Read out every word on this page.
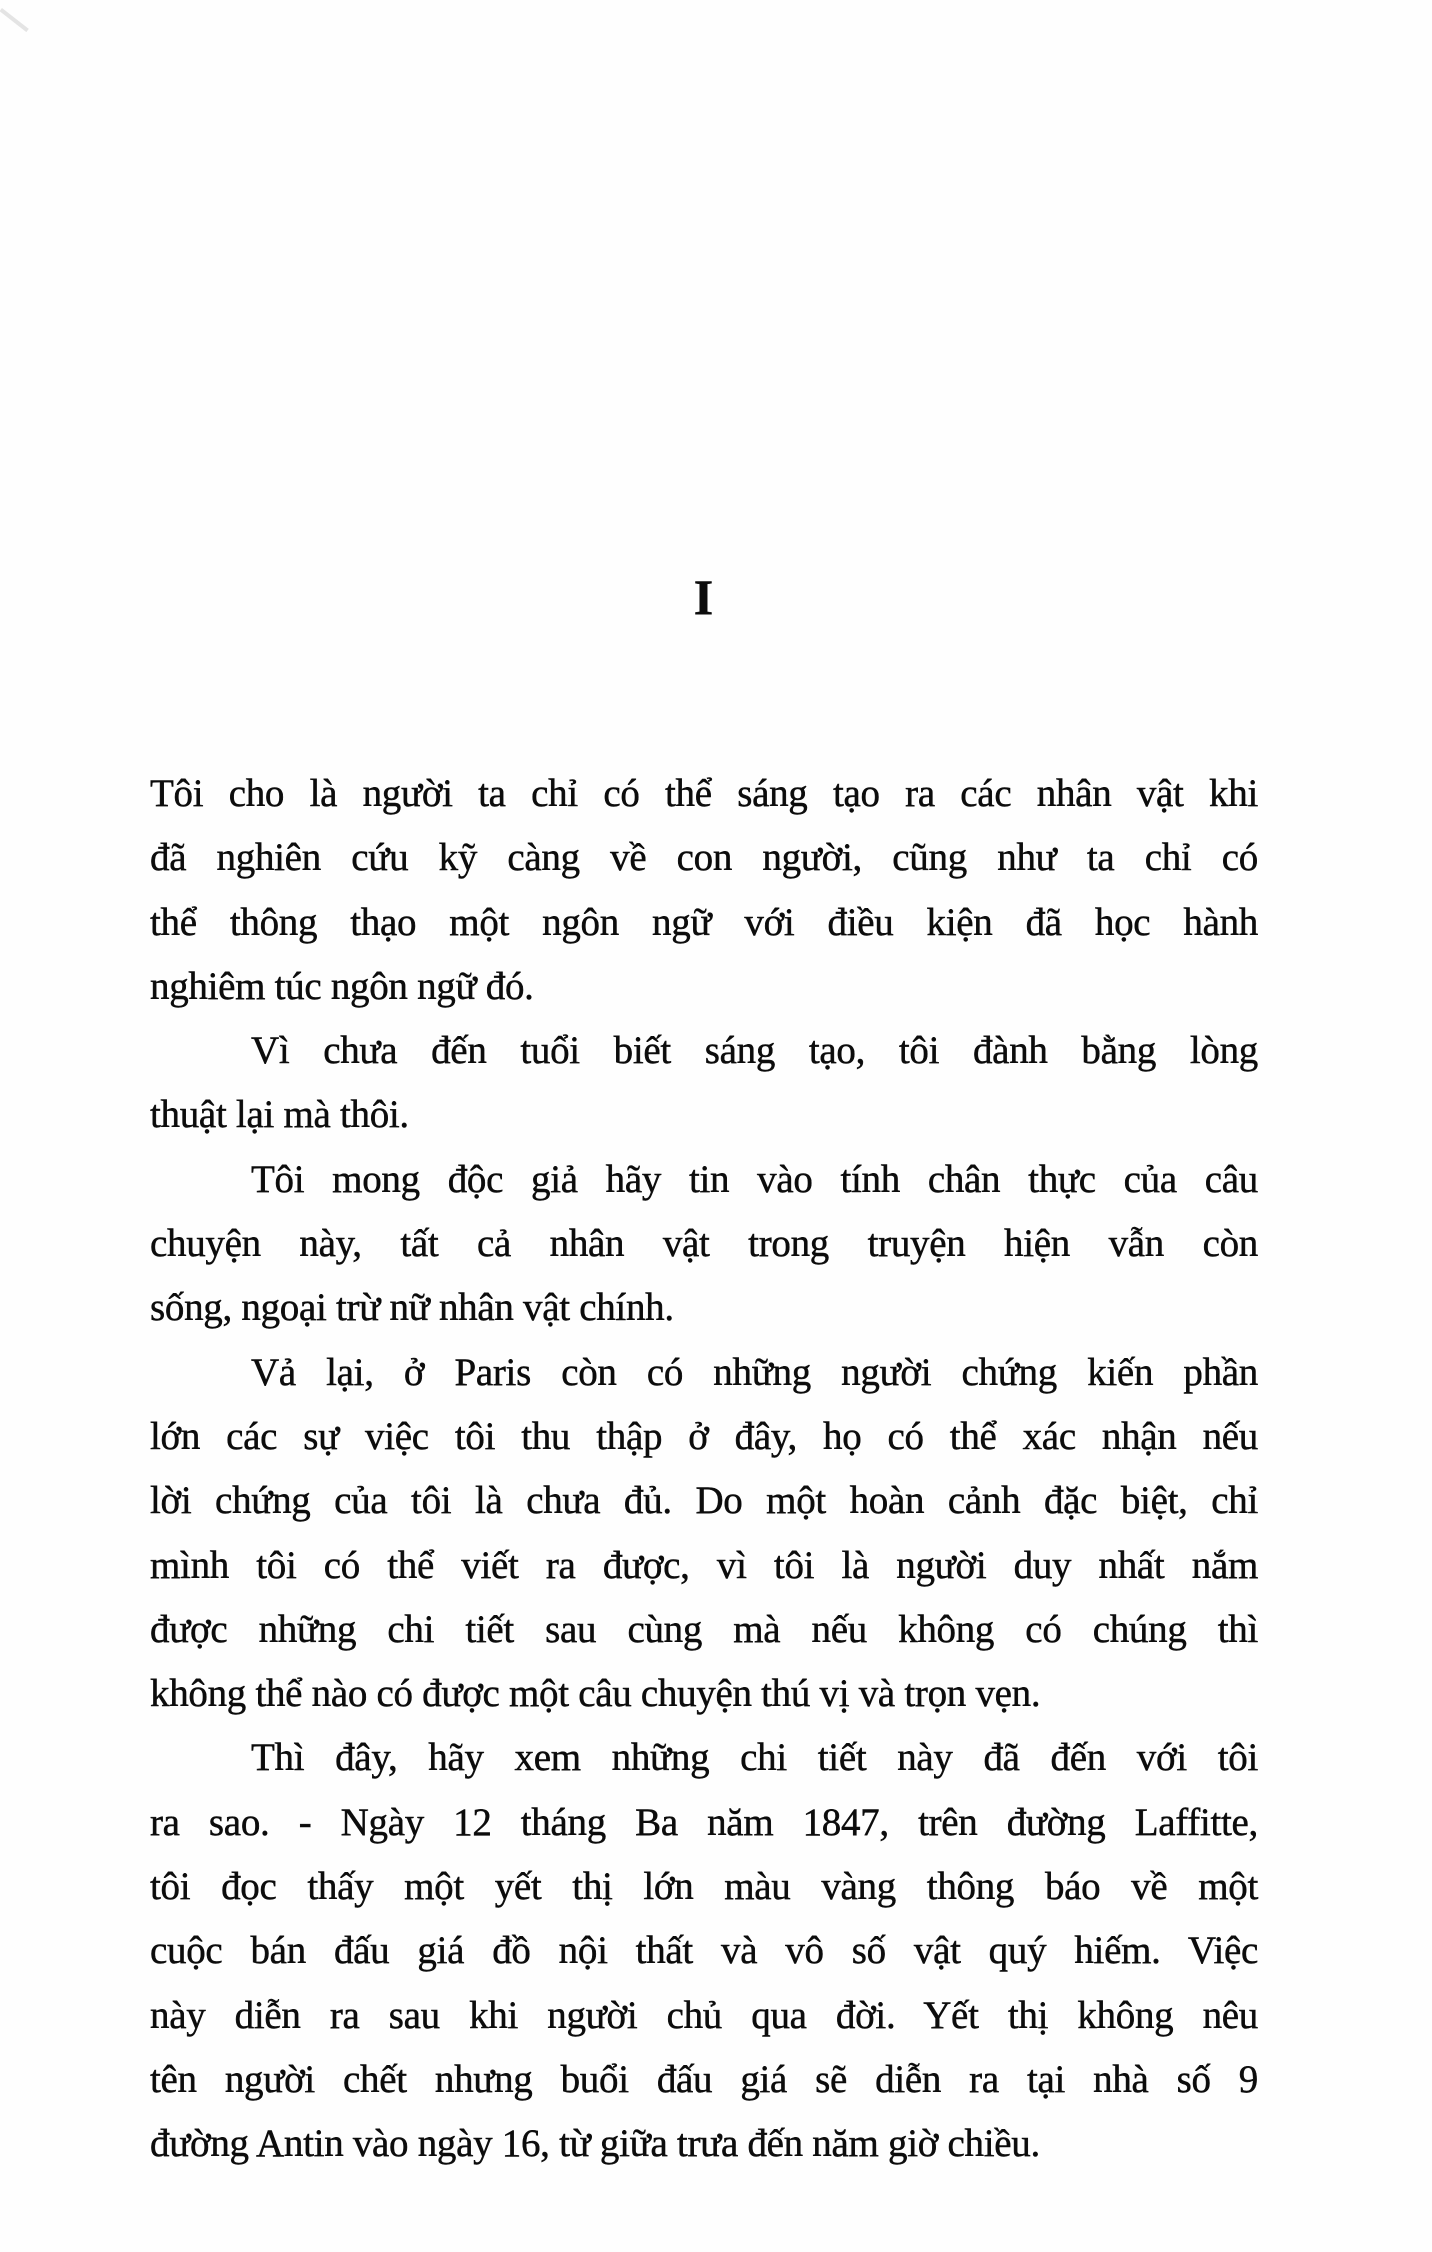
I
Tôi cho là người ta chỉ có thể sáng tạo ra các nhân vật khi
đã nghiên cứu kỹ càng về con người, cũng như ta chỉ có
thể thông thạo một ngôn ngữ với điều kiện đã học hành
nghiêm túc ngôn ngữ đó.
Vì chưa đến tuổi biết sáng tạo, tôi đành bằng lòng
thuật lại mà thôi.
Tôi mong độc giả hãy tin vào tính chân thực của câu
chuyện này, tất cả nhân vật trong truyện hiện vẫn còn
sống, ngoại trừ nữ nhân vật chính.
Vả lại, ở Paris còn có những người chứng kiến phần
lớn các sự việc tôi thu thập ở đây, họ có thể xác nhận nếu
lời chứng của tôi là chưa đủ. Do một hoàn cảnh đặc biệt, chỉ
mình tôi có thể viết ra được, vì tôi là người duy nhất nắm
được những chi tiết sau cùng mà nếu không có chúng thì
không thể nào có được một câu chuyện thú vị và trọn vẹn.
Thì đây, hãy xem những chi tiết này đã đến với tôi
ra sao. - Ngày 12 tháng Ba năm 1847, trên đường Laffitte,
tôi đọc thấy một yết thị lớn màu vàng thông báo về một
cuộc bán đấu giá đồ nội thất và vô số vật quý hiếm. Việc
này diễn ra sau khi người chủ qua đời. Yết thị không nêu
tên người chết nhưng buổi đấu giá sẽ diễn ra tại nhà số 9
đường Antin vào ngày 16, từ giữa trưa đến năm giờ chiều.
